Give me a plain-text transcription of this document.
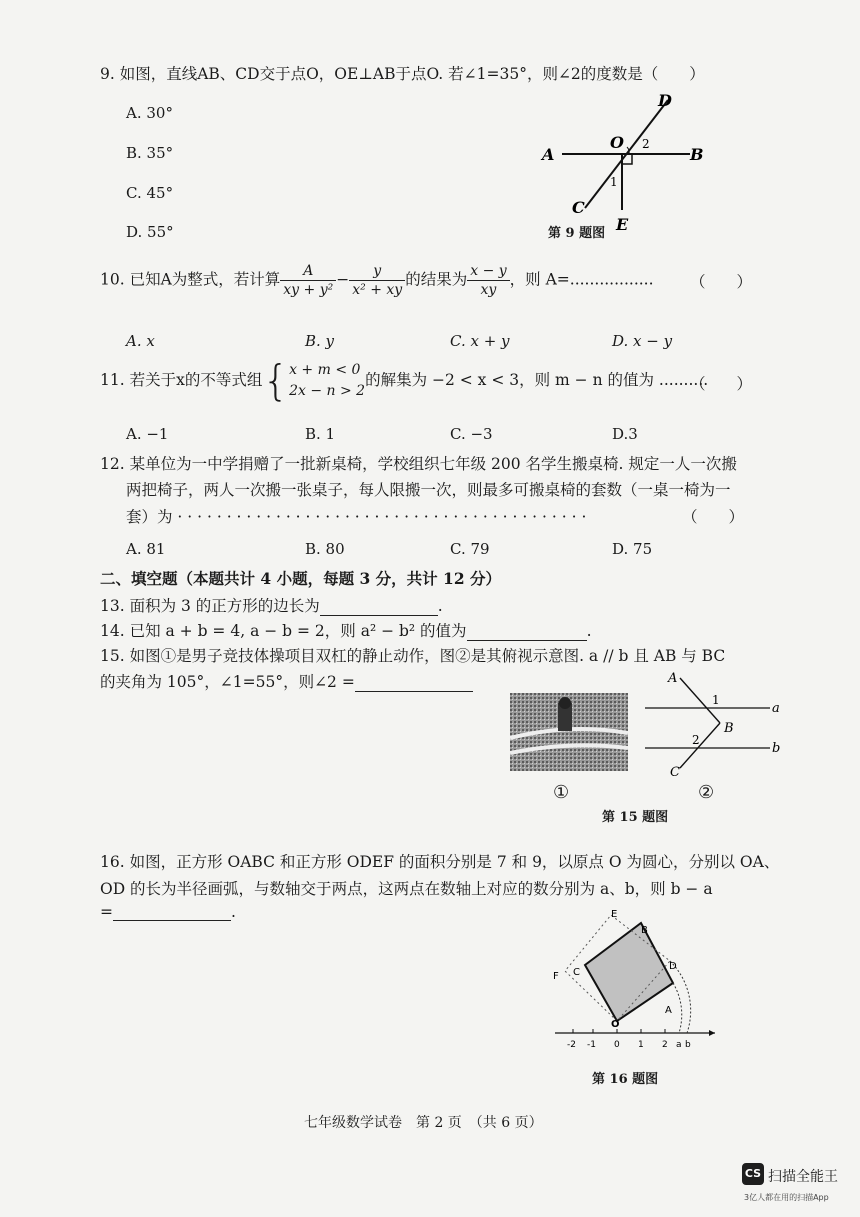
9. 如图，直线AB、CD交于点O，OE⊥AB于点O. 若∠1=35°，则∠2的度数是（　　）
A. 30°
B. 35°
C. 45°
D. 55°
A	B
C
D
O
E
1
2
第 9 题图
10. 已知A为整式，若计算 $\frac{A}{\text{xy + y²}} - \frac{y}{\text{x² + xy}}$ 的结果为 $\frac{x - y}{xy}$ ，则 A=................. （　　）
A. x	B. y	C. x + y	D. x − y
11. 若关于x的不等式组{ x + m < 0
2x − n > 2
的解集为 −2 < x < 3，则 m − n 的值为 ..........
（　　）
A. −1	B. 1	C. −3	D.3
12. 某单位为一中学捐赠了一批新桌椅，学校组织七年级 200 名学生搬桌椅. 规定一人一次搬
两把椅子，两人一次搬一张桌子，每人限搬一次，则最多可搬桌椅的套数（一桌一椅为一
套）为 · · · · · · · · · · · · · · · · · · · · · · · · · · · · · · · · · · · · · · · · · ·	（　　）
A. 81	B. 80	C. 79	D. 75
二、填空题（本题共计 4 小题，每题 3 分，共计 12 分）
13. 面积为 3 的正方形的边长为	.
14. 已知 a + b = 4, a − b = 2，则 a² − b² 的值为	.
15. 如图①是男子竞技体操项目双杠的静止动作，图②是其俯视示意图. a // b 且 AB 与 BC
的夹角为 105°，∠1=55°，则∠2 =
①
A
a
1
B
2
b
C
②
第 15 题图
16. 如图，正方形 OABC 和正方形 ODEF 的面积分别是 7 和 9，以原点 O 为圆心，分别以 OA、
OD 的长为半径画弧，与数轴交于两点，这两点在数轴上对应的数分别为 a、b，则 b − a
=	.	E
B
F C
D
A
O
-2 -1 0 1 2 a b
第 16 题图
七年级数学试卷　第 2 页　（共 6 页）
CS 扫描全能王
3亿人都在用的扫描App
